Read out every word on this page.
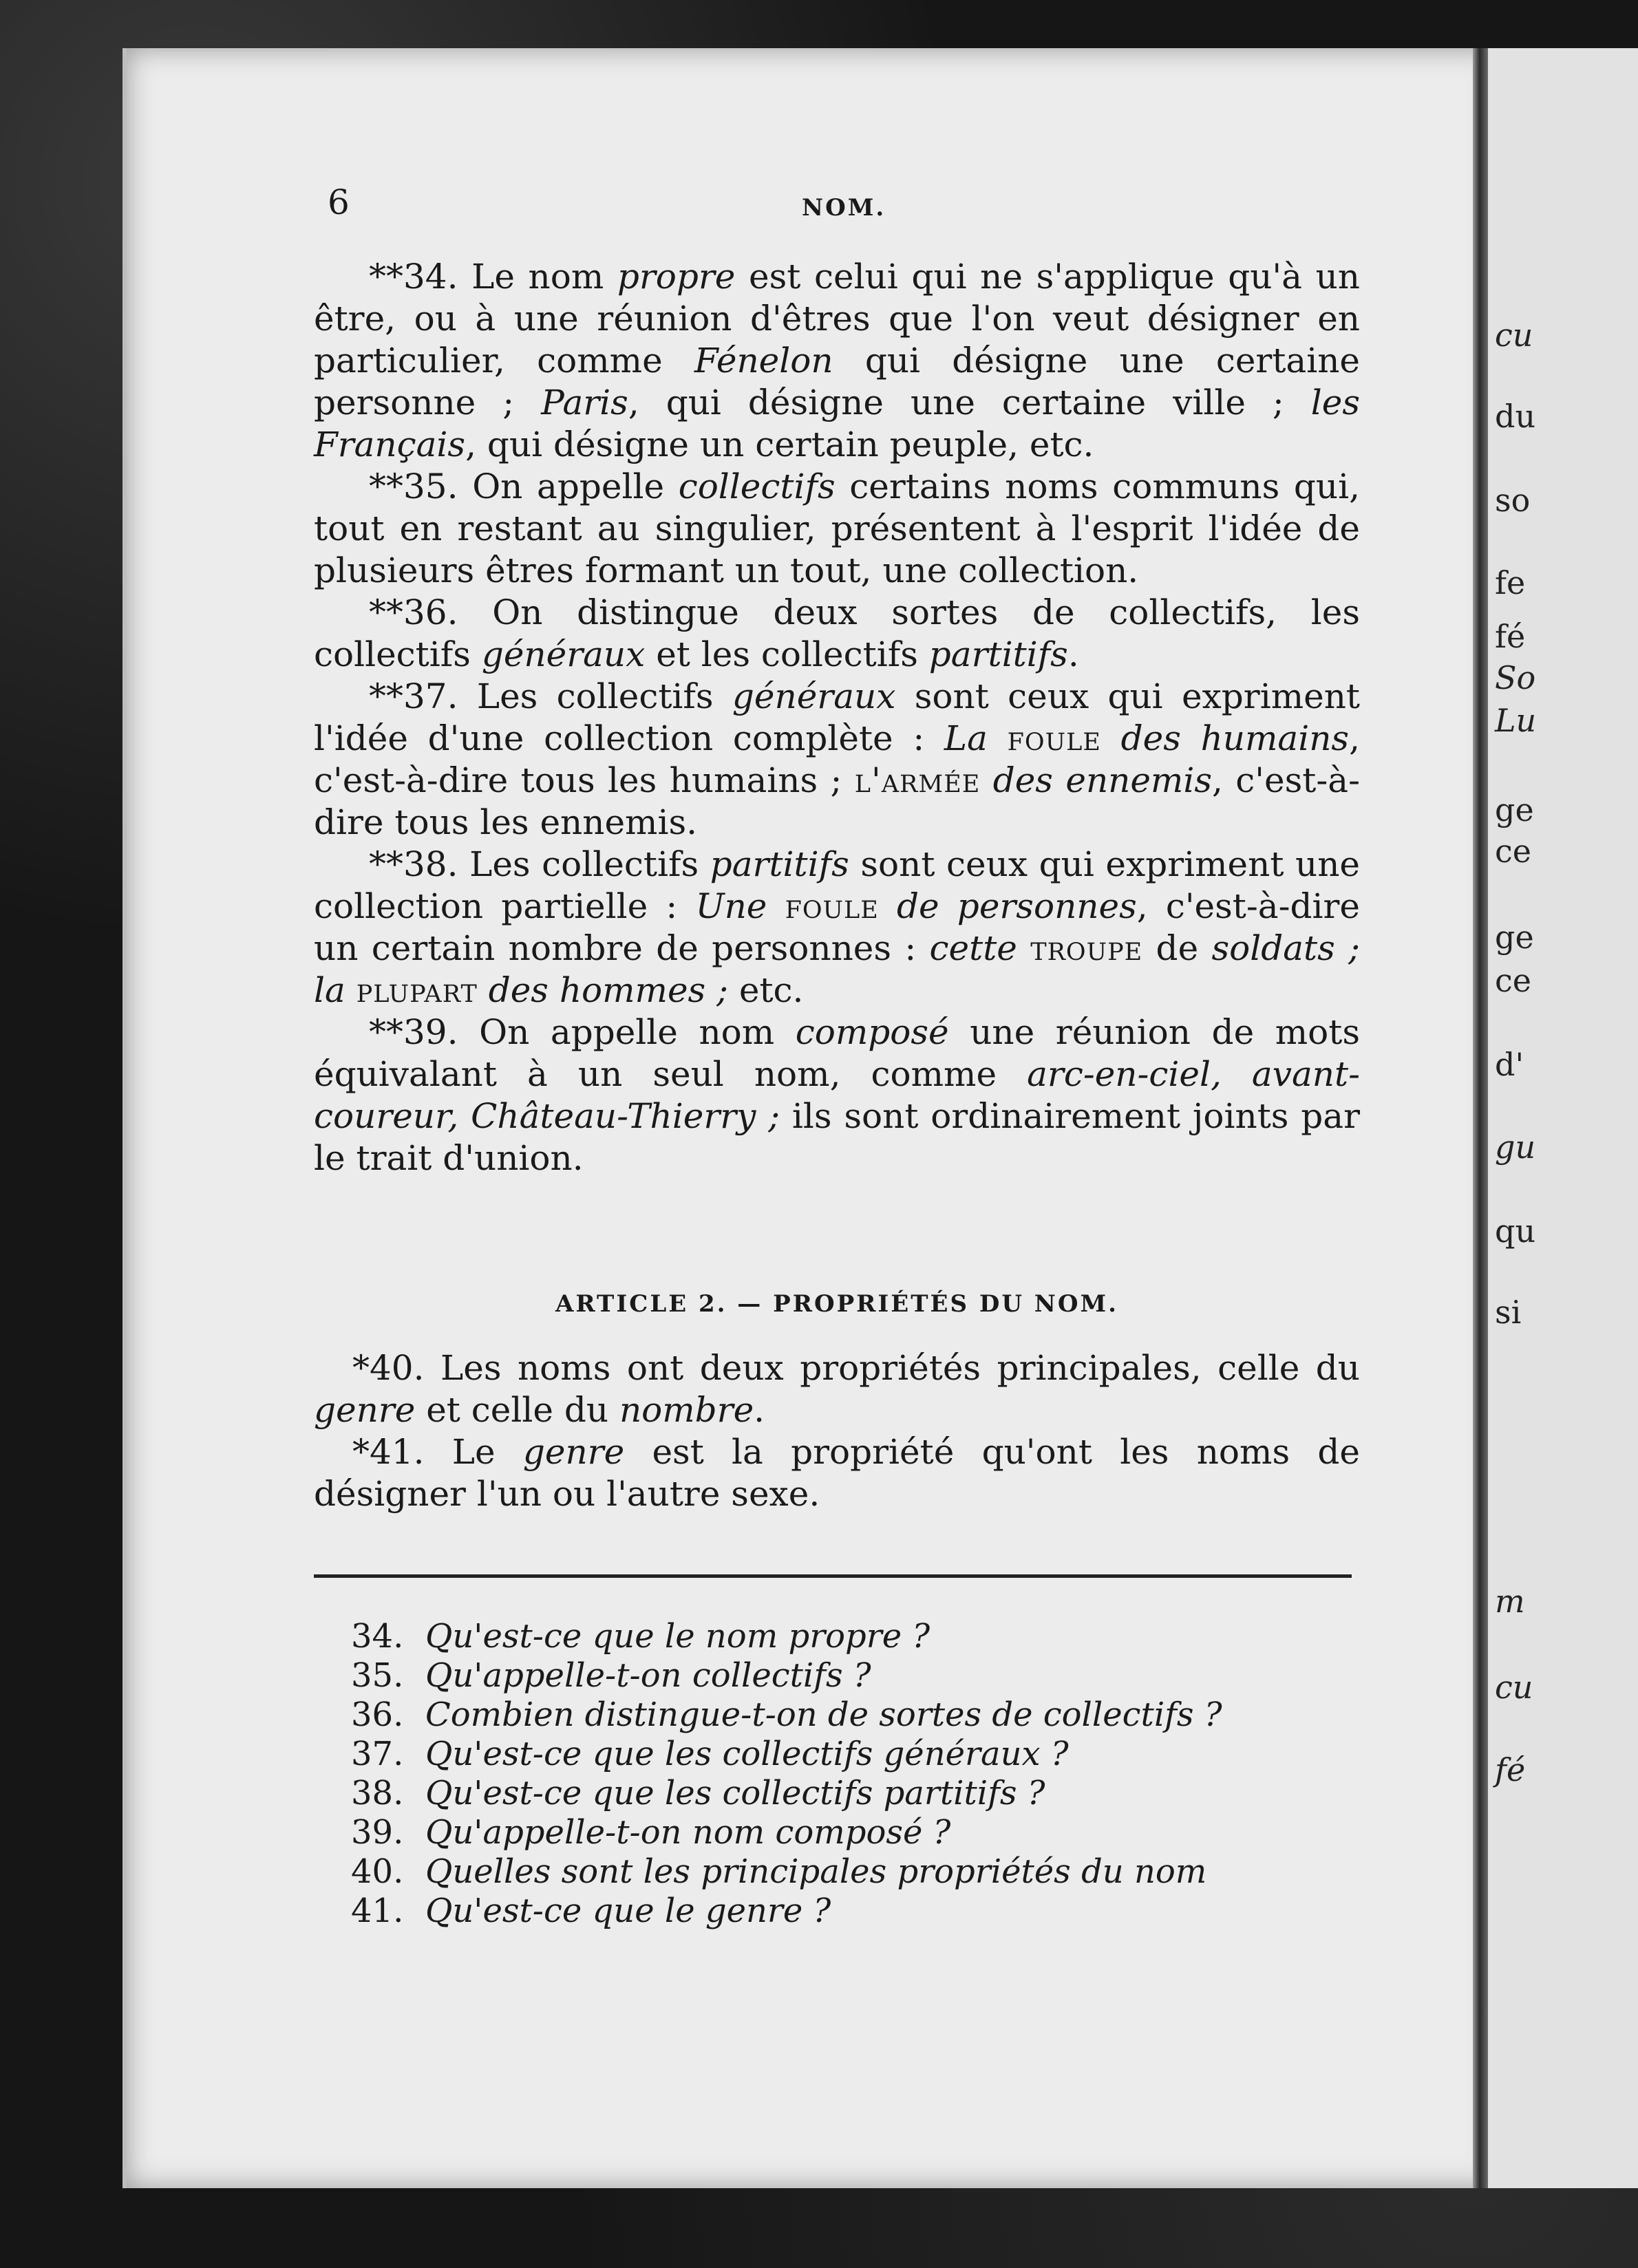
cu
du
so
fe
fé
So
Lu
ge
ce
ge
ce
d'
gu
qu
si
m
cu
fé
6	NOM.

**34. Le nom propre est celui qui ne s'applique qu'à un être, ou à une réunion d'êtres que l'on veut désigner en particulier, comme Fénelon qui désigne une certaine personne ; Paris, qui désigne une certaine ville ; les Français, qui désigne un certain peuple, etc.

**35. On appelle collectifs certains noms communs qui, tout en restant au singulier, présentent à l'esprit l'idée de plusieurs êtres formant un tout, une collection.

**36. On distingue deux sortes de collectifs, les collectifs généraux et les collectifs partitifs.

**37. Les collectifs généraux sont ceux qui expriment l'idée d'une collection complète : La foule des humains, c'est-à-dire tous les humains ; l'armée des ennemis, c'est-à-dire tous les ennemis.

**38. Les collectifs partitifs sont ceux qui expriment une collection partielle : Une foule de personnes, c'est-à-dire un certain nombre de personnes : cette troupe de soldats ; la plupart des hommes ; etc.

**39. On appelle nom composé une réunion de mots équivalant à un seul nom, comme arc-en-ciel, avant-coureur, Château-Thierry ; ils sont ordinairement joints par le trait d'union.

ARTICLE 2. — PROPRIÉTÉS DU NOM.

*40. Les noms ont deux propriétés principales, celle du genre et celle du nombre.

*41. Le genre est la propriété qu'ont les noms de désigner l'un ou l'autre sexe.

34. Qu'est-ce que le nom propre ?
35. Qu'appelle-t-on collectifs ?
36. Combien distingue-t-on de sortes de collectifs ?
37. Qu'est-ce que les collectifs généraux ?
38. Qu'est-ce que les collectifs partitifs ?
39. Qu'appelle-t-on nom composé ?
40. Quelles sont les principales propriétés du nom
41. Qu'est-ce que le genre ?
